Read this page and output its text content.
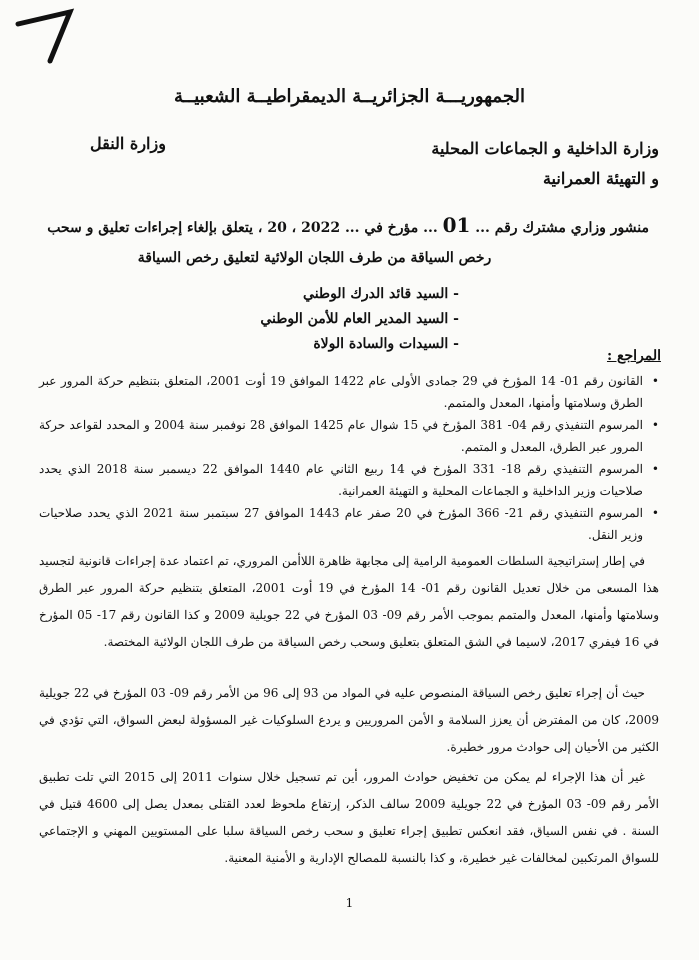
الجمهوريـــة الجزائريــة الديمقراطيــة الشعبيــة
وزارة الداخلية و الجماعات المحلية
و التهيئة العمرانية
وزارة النقل
منشور وزاري مشترك رقم ... 01 ... مؤرخ في ... 2022 ، 20 ، يتعلق بإلغاء إجراءات تعليق و سحب
رخص السياقة من طرف اللجان الولائية لتعليق رخص السياقة
- السيد قائد الدرك الوطني
- السيد المدير العام للأمن الوطني
- السيدات والسادة الولاة
المراجع :
• القانون رقم 01- 14 المؤرخ في 29 جمادى الأولى عام 1422 الموافق 19 أوت 2001، المتعلق بتنظيم حركة المرور عبر الطرق وسلامتها وأمنها، المعدل والمتمم.
• المرسوم التنفيذي رقم 04- 381 المؤرخ في 15 شوال عام 1425 الموافق 28 نوفمبر سنة 2004 و المحدد لقواعد حركة المرور عبر الطرق، المعدل و المتمم.
• المرسوم التنفيذي رقم 18- 331 المؤرخ في 14 ربيع الثاني عام 1440 الموافق 22 ديسمبر سنة 2018 الذي يحدد صلاحيات وزير الداخلية و الجماعات المحلية و التهيئة العمرانية.
• المرسوم التنفيذي رقم 21- 366 المؤرخ في 20 صفر عام 1443 الموافق 27 سبتمبر سنة 2021 الذي يحدد صلاحيات وزير النقل.

في إطار إستراتيجية السلطات العمومية الرامية إلى مجابهة ظاهرة اللاأمن المروري، تم اعتماد عدة إجراءات قانونية لتجسيد هذا المسعى من خلال تعديل القانون رقم 01- 14 المؤرخ في 19 أوت 2001، المتعلق بتنظيم حركة المرور عبر الطرق وسلامتها وأمنها، المعدل والمتمم بموجب الأمر رقم 09- 03 المؤرخ في 22 جويلية 2009 و كذا القانون رقم 17- 05 المؤرخ في 16 فيفري 2017، لاسيما في الشق المتعلق بتعليق وسحب رخص السياقة من طرف اللجان الولائية المختصة.

حيث أن إجراء تعليق رخص السياقة المنصوص عليه في المواد من 93 إلى 96 من الأمر رقم 09- 03 المؤرخ في 22 جويلية 2009، كان من المفترض أن يعزز السلامة و الأمن المروريين و يردع السلوكيات غير المسؤولة لبعض السواق، التي تؤدي في الكثير من الأحيان إلى حوادث مرور خطيرة.

غير أن هذا الإجراء لم يمكن من تخفيض حوادث المرور، أين تم تسجيل خلال سنوات 2011 إلى 2015 التي تلت تطبيق الأمر رقم 09- 03 المؤرخ في 22 جويلية 2009 سالف الذكر، إرتفاع ملحوظ لعدد القتلى بمعدل يصل إلى 4600 قتيل في السنة . في نفس السياق، فقد انعكس تطبيق إجراء تعليق و سحب رخص السياقة سلبا على المستويين المهني و الإجتماعي للسواق المرتكبين لمخالفات غير خطيرة، و كذا بالنسبة للمصالح الإدارية و الأمنية المعنية.

1
